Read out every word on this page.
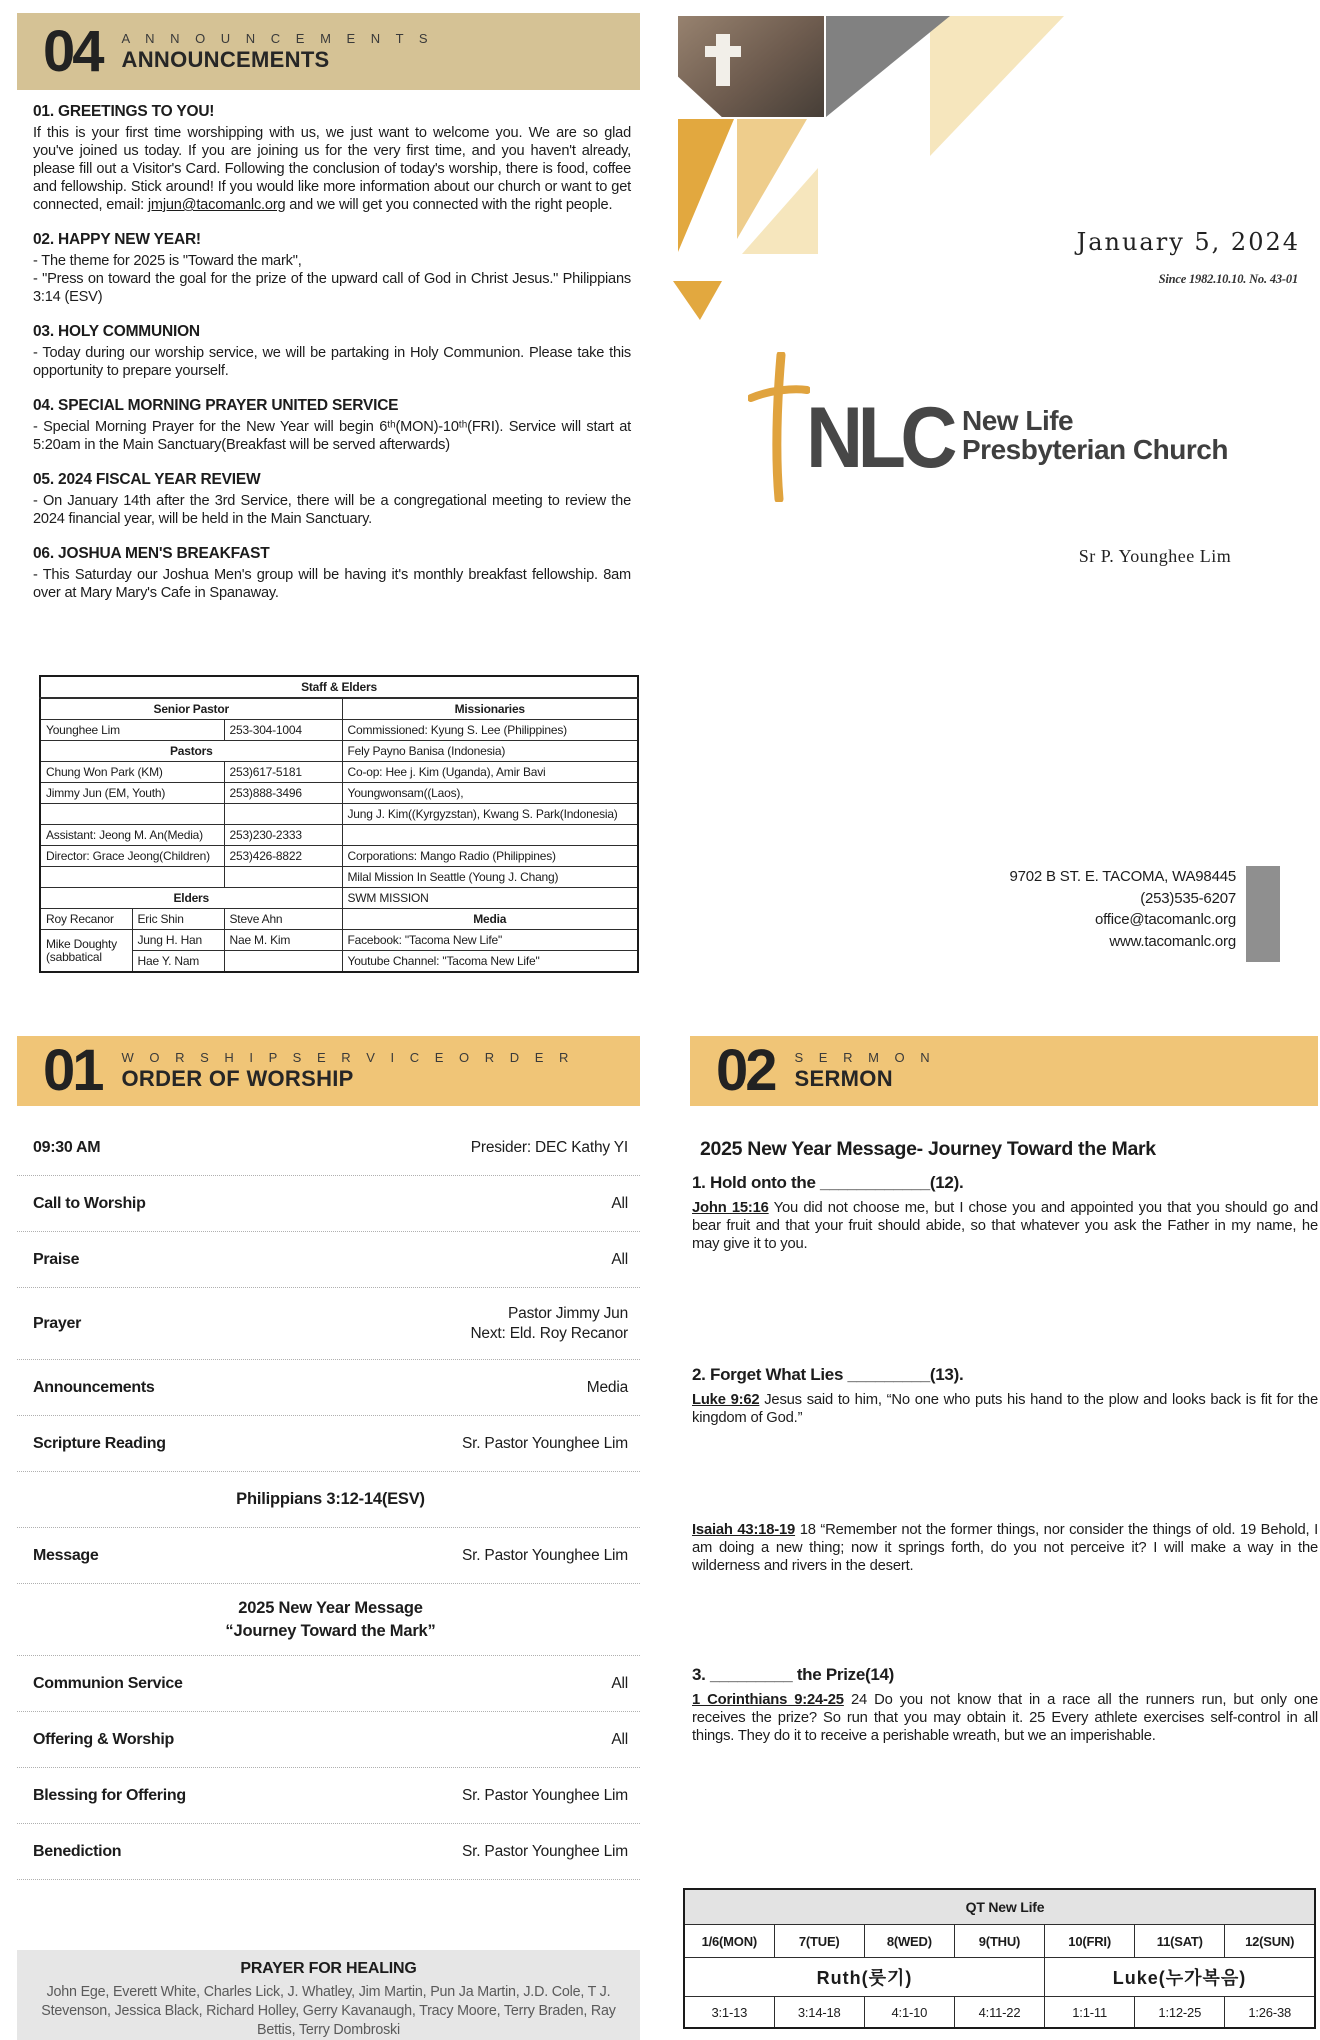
04 A N N O U N C E M E N T S
ANNOUNCEMENTS
01. GREETINGS TO YOU!
If this is your first time worshipping with us, we just want to welcome you. We are so glad you've joined us today. If you are joining us for the very first time, and you haven't already, please fill out a Visitor's Card. Following the conclusion of today's worship, there is food, coffee and fellowship. Stick around! If you would like more information about our church or want to get connected, email: jmjun@tacomanlc.org and we will get you connected with the right people.
02. HAPPY NEW YEAR!
- The theme for 2025 is "Toward the mark",
- "Press on toward the goal for the prize of the upward call of God in Christ Jesus." Philippians 3:14 (ESV)
03. HOLY COMMUNION
- Today during our worship service, we will be partaking in Holy Communion. Please take this opportunity to prepare yourself.
04. SPECIAL MORNING PRAYER UNITED SERVICE
- Special Morning Prayer for the New Year will begin 6ᵗʰ(MON)-10ᵗʰ(FRI). Service will start at 5:20am in the Main Sanctuary(Breakfast will be served afterwards)
05. 2024 FISCAL YEAR REVIEW
- On January 14th after the 3rd Service, there will be a congregational meeting to review the 2024 financial year, will be held in the Main Sanctuary.
06. JOSHUA MEN'S BREAKFAST
- This Saturday our Joshua Men's group will be having it's monthly breakfast fellowship. 8am over at Mary Mary's Cafe in Spanaway.
Staff & Elders			
Senior Pastor			Missionaries
Younghee Lim		253-304-1004	Commissioned: Kyung S. Lee (Philippines)
Pastors			Fely Payno Banisa (Indonesia)
Chung Won Park (KM)		253)617-5181	Co-op: Hee j. Kim (Uganda), Amir Bavi
Jimmy Jun (EM, Youth)		253)888-3496	Youngwonsam((Laos),
			Jung J. Kim((Kyrgyzstan), Kwang S. Park(Indonesia)
Assistant: Jeong M. An(Media)		253)230-2333	
Director: Grace Jeong(Children)		253)426-8822	Corporations: Mango Radio (Philippines)
			Milal Mission In Seattle (Young J. Chang)
Elders			SWM MISSION
Roy Recanor	Eric Shin	Steve Ahn	Media
Mike Doughty (sabbatical	Jung H. Han	Nae M. Kim	Facebook: "Tacoma New Life"
	Hae Y. Nam		Youtube Channel: "Tacoma New Life"
January 5, 2024
Since 1982.10.10. No. 43-01
NLC New Life
Presbyterian Church
Sr P. Younghee Lim
9702 B ST. E. TACOMA, WA98445
(253)535-6207
office@tacomanlc.org
www.tacomanlc.org
01 W O R S H I P S E R V I C E O R D E R
ORDER OF WORSHIP
09:30 AM	Presider: DEC Kathy YI
Call to Worship	All
Praise	All
Prayer
Pastor Jimmy Jun
Next: Eld. Roy Recanor
Announcements	Media
Scripture Reading	Sr. Pastor Younghee Lim
Philippians 3:12-14(ESV)
Message	Sr. Pastor Younghee Lim
2025 New Year Message
“Journey Toward the Mark”
Communion Service	All
Offering & Worship	All
Blessing for Offering	Sr. Pastor Younghee Lim
Benediction	Sr. Pastor Younghee Lim
PRAYER FOR HEALING
John Ege, Everett White, Charles Lick, J. Whatley, Jim Martin, Pun Ja Martin, J.D. Cole, T J. Stevenson, Jessica Black, Richard Holley, Gerry Kavanaugh, Tracy Moore, Terry Braden, Ray Bettis, Terry Dombroski
02 S E R M O N
SERMON
2025 New Year Message- Journey Toward the Mark
1. Hold onto the ____________(12).
John 15:16 You did not choose me, but I chose you and appointed you that you should go and bear fruit and that your fruit should abide, so that whatever you ask the Father in my name, he may give it to you.
2. Forget What Lies _________(13).
Luke 9:62 Jesus said to him, “No one who puts his hand to the plow and looks back is fit for the kingdom of God.”
Isaiah 43:18-19 18 “Remember not the former things, nor consider the things of old. 19 Behold, I am doing a new thing; now it springs forth, do you not perceive it? I will make a way in the wilderness and rivers in the desert.
3. _________ the Prize(14)
1 Corinthians 9:24-25 24 Do you not know that in a race all the runners run, but only one receives the prize? So run that you may obtain it. 25 Every athlete exercises self-control in all things. They do it to receive a perishable wreath, but we an imperishable.
QT New Life						
1/6(MON)	7(TUE)	8(WED)	9(THU)	10(FRI)	11(SAT)	12(SUN)
Ruth(룻기)				Luke(누가복음)		
3:1-13	3:14-18	4:1-10	4:11-22	1:1-11	1:12-25	1:26-38
